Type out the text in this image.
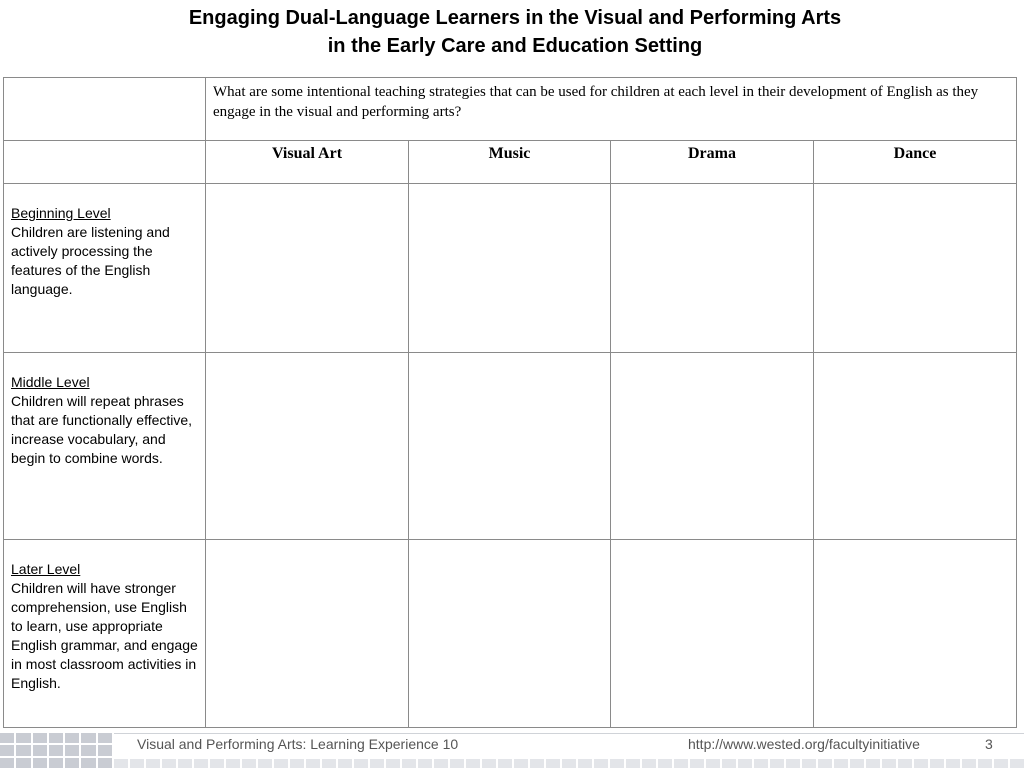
Engaging Dual-Language Learners in the Visual and Performing Arts
in the Early Care and Education Setting
	What are some intentional teaching strategies that can be used for children at each level in their development of English as they engage in the visual and performing arts?			
	Visual Art	Music	Drama	Dance

Beginning Level
Children are listening and actively processing the features of the English language.				

Middle Level
Children will repeat phrases that are functionally effective, increase vocabulary, and begin to combine words.				

Later Level
Children will have stronger comprehension, use English to learn, use appropriate English grammar, and engage in most classroom activities in English.				

Visual and Performing Arts: Learning Experience 10	http://www.wested.org/facultyinitiative	3
